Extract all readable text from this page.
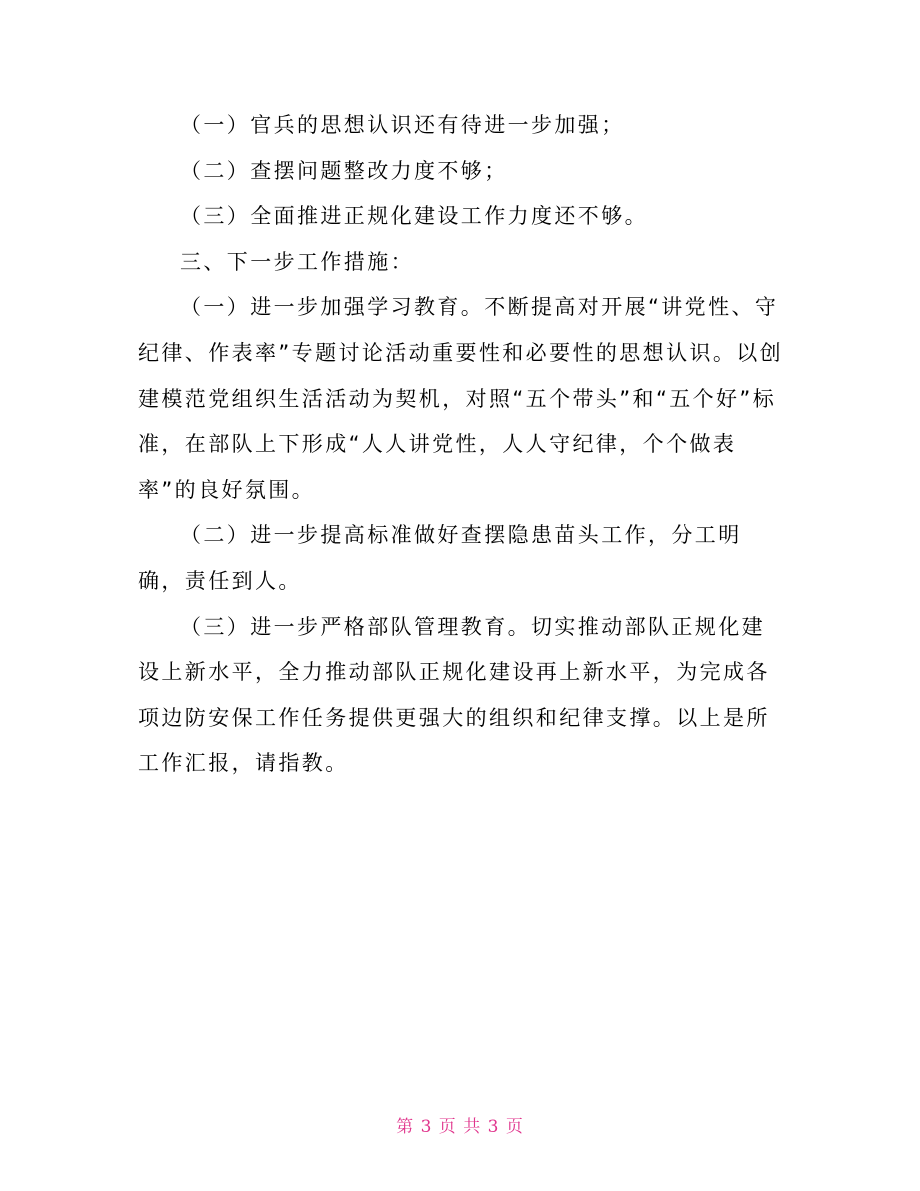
（一）官兵的思想认识还有待进一步加强；

（二）查摆问题整改力度不够；

（三）全面推进正规化建设工作力度还不够。

三、下一步工作措施：

（一）进一步加强学习教育。不断提高对开展“讲党性、守纪律、作表率”专题讨论活动重要性和必要性的思想认识。以创建模范党组织生活活动为契机，对照“五个带头”和“五个好”标准，在部队上下形成“人人讲党性，人人守纪律，个个做表率”的良好氛围。

（二）进一步提高标准做好查摆隐患苗头工作，分工明确，责任到人。

（三）进一步严格部队管理教育。切实推动部队正规化建设上新水平，全力推动部队正规化建设再上新水平，为完成各项边防安保工作任务提供更强大的组织和纪律支撑。以上是所工作汇报，请指教。

第 3 页 共 3 页
